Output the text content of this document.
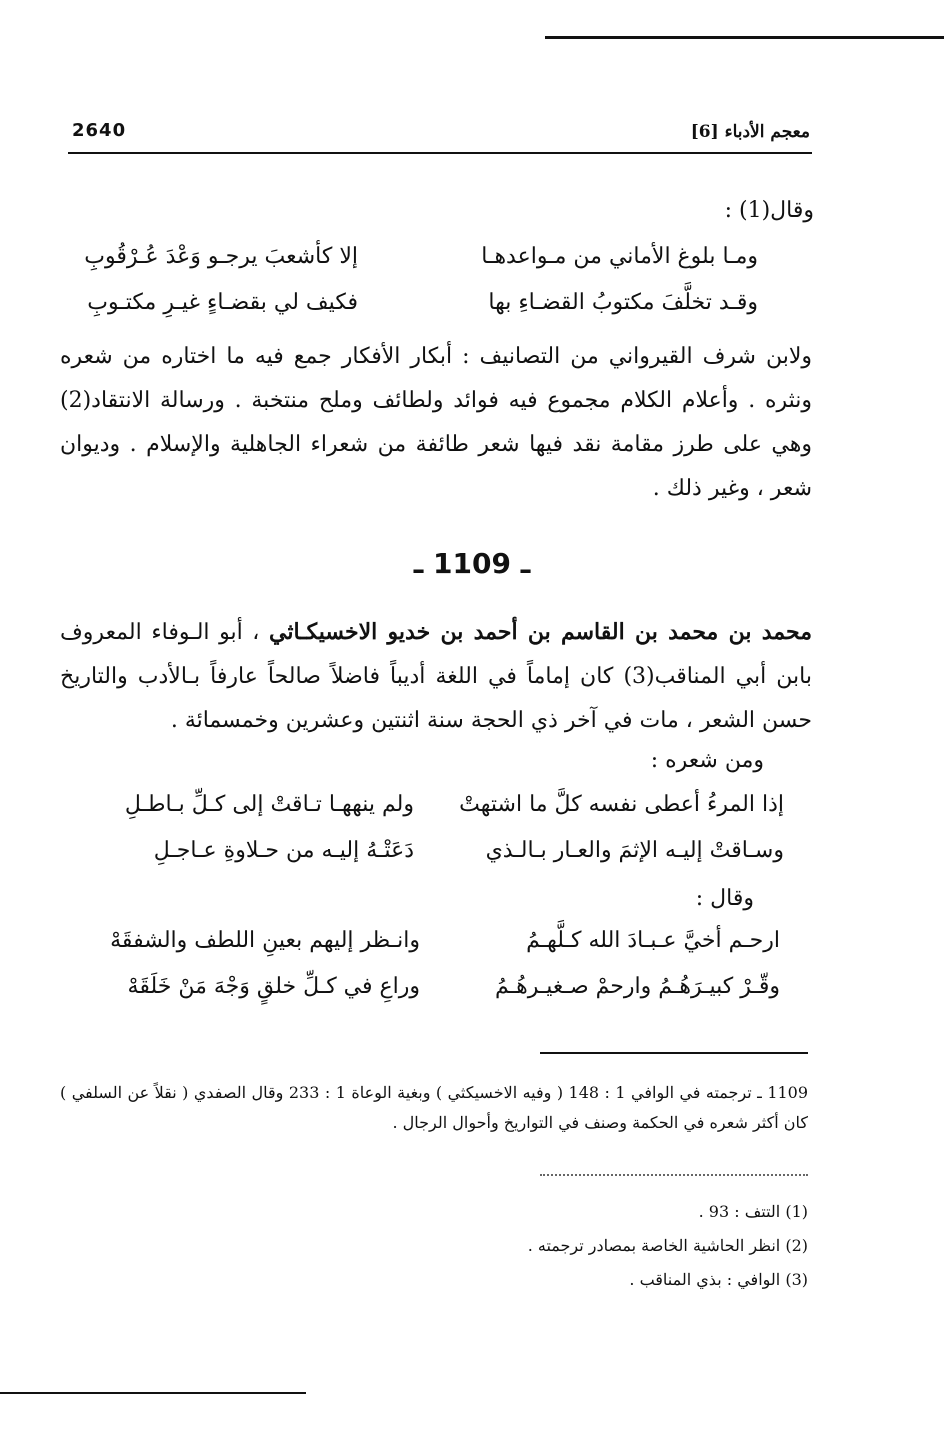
2640	معجم الأدباء [6]
وقال(1) :
ومـا بلوغ الأماني من مـواعدهـا
إلا كأشعبَ يرجـو وَعْدَ عُـرْقُوبِ
وقـد تخلَّفَ مكتوبُ القضـاءِ بها
فكيف لي بقضـاءٍ غيـرِ مكتـوبِ

ولابن شرف القيرواني من التصانيف : أبكار الأفكار جمع فيه ما اختاره من شعره ونثره . وأعلام الكلام مجموع فيه فوائد ولطائف وملح منتخبة . ورسالة الانتقاد(2) وهي على طرز مقامة نقد فيها شعر طائفة من شعراء الجاهلية والإسلام . وديوان شعر ، وغير ذلك .

ـ 1109 ـ

محمد بن محمد بن القاسم بن أحمد بن خديو الاخسيكـاثي ، أبو الـوفاء المعروف بابن أبي المناقب(3) كان إماماً في اللغة أديباً فاضلاً صالحاً عارفاً بـالأدب والتاريخ حسن الشعر ، مات في آخر ذي الحجة سنة اثنتين وعشرين وخمسمائة .

ومن شعره :
إذا المرءُ أعطى نفسه كلَّ ما اشتهتْ
ولم ينههـا تـاقتْ إلى كـلِّ بـاطـلِ
وسـاقتْ إليـه الإثمَ والعـار بـالـذي
دَعَتْـهُ إليـه من حـلاوةِ عـاجـلِ
وقال :
ارحـم أخيَّ عـبـادَ الله كـلَّهـمُ
وانـظر إليهم بعينِ اللطف والشفقَهْ
وقّـرْ كبيـرَهُـمُ وارحمْ صـغيـرهُـمُ
وراعِ في كـلِّ خلقٍ وَجْهَ مَنْ خَلَقَهْ

1109 ـ ترجمته في الوافي 1 : 148 ( وفيه الاخسيكثي ) وبغية الوعاة 1 : 233 وقال الصفدي ( نقلاً عن السلفي ) كان أكثر شعره في الحكمة وصنف في التواريخ وأحوال الرجال .

(1) التتف : 93 .
(2) انظر الحاشية الخاصة بمصادر ترجمته .
(3) الوافي : بذي المناقب .
